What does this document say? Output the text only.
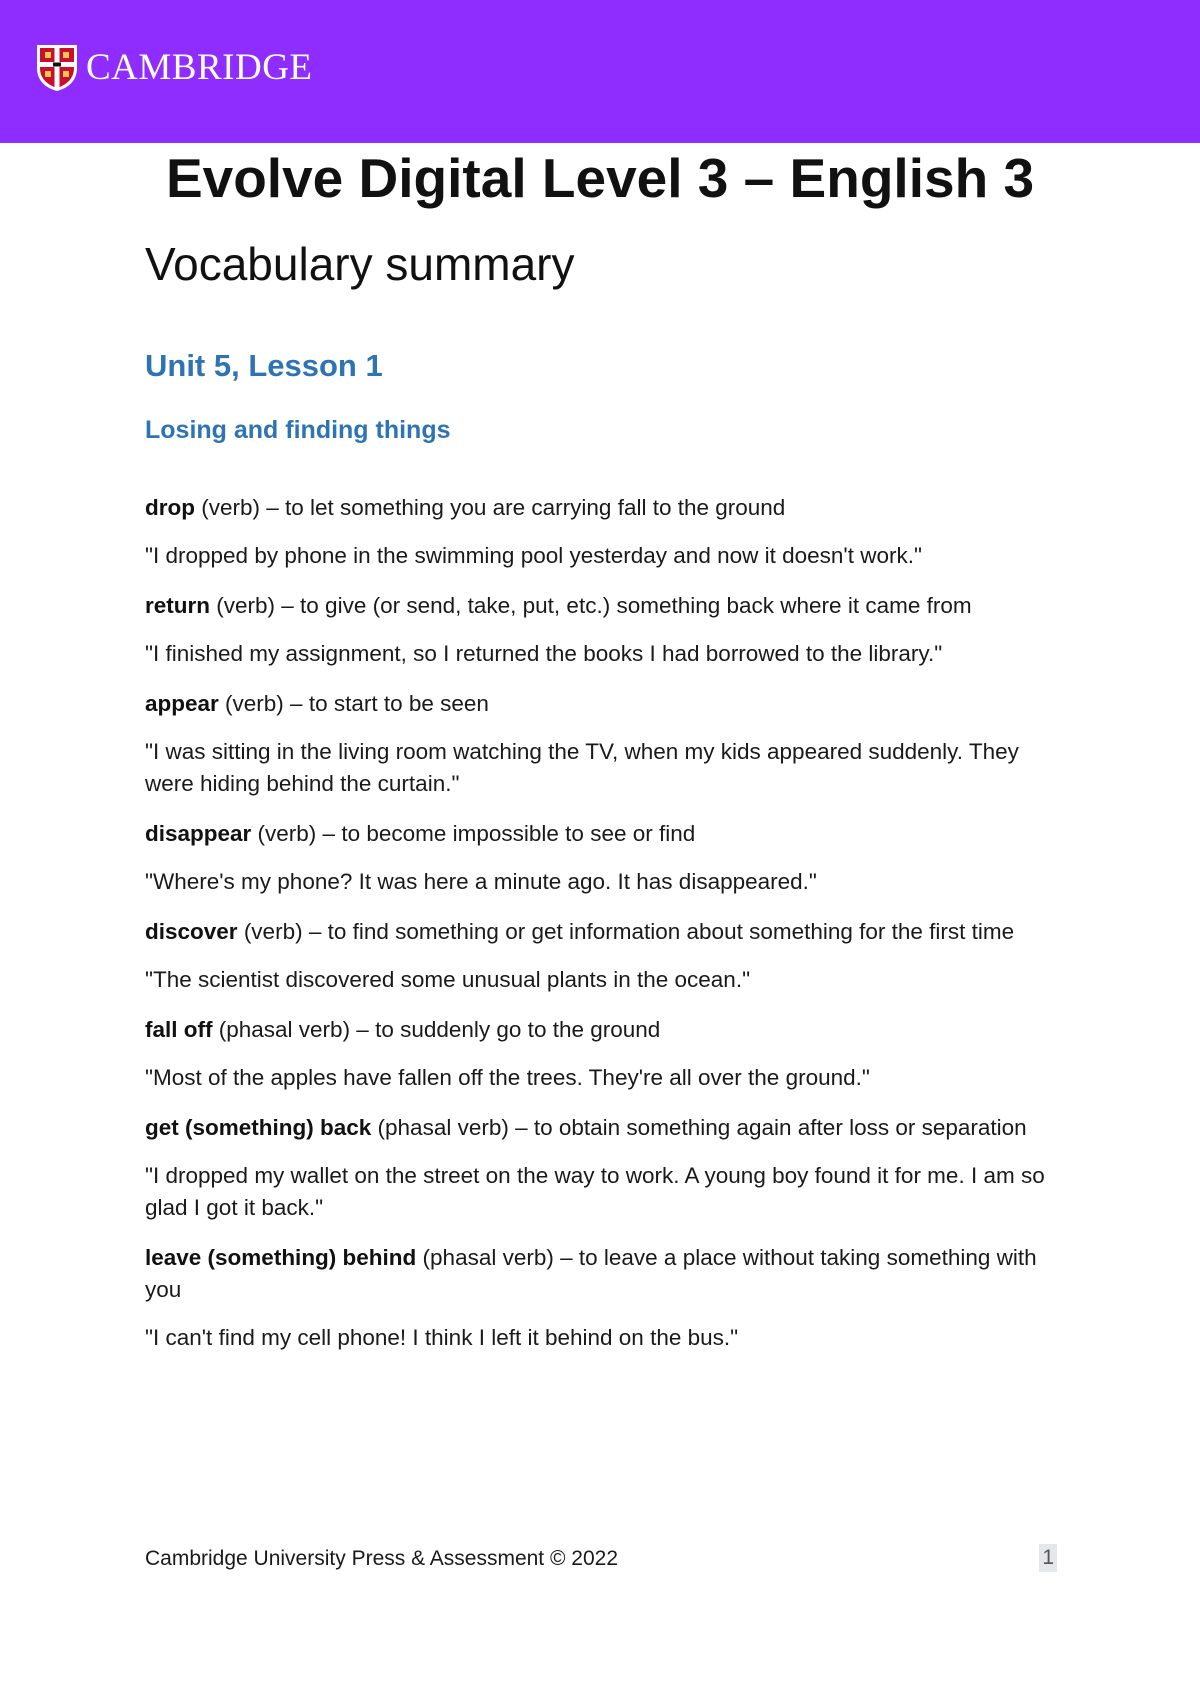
CAMBRIDGE
Evolve Digital Level 3 – English 3
Vocabulary summary
Unit 5, Lesson 1
Losing and finding things

drop (verb) – to let something you are carrying fall to the ground

"I dropped by phone in the swimming pool yesterday and now it doesn't work."

return (verb) – to give (or send, take, put, etc.) something back where it came from

"I finished my assignment, so I returned the books I had borrowed to the library."

appear (verb) – to start to be seen

"I was sitting in the living room watching the TV, when my kids appeared suddenly. They were hiding behind the curtain."

disappear (verb) – to become impossible to see or find

"Where's my phone? It was here a minute ago. It has disappeared."

discover (verb) – to find something or get information about something for the first time

"The scientist discovered some unusual plants in the ocean."

fall off (phasal verb) – to suddenly go to the ground

"Most of the apples have fallen off the trees. They're all over the ground."

get (something) back (phasal verb) – to obtain something again after loss or separation

"I dropped my wallet on the street on the way to work. A young boy found it for me. I am so glad I got it back."

leave (something) behind (phasal verb) – to leave a place without taking something with you

"I can't find my cell phone! I think I left it behind on the bus."

Cambridge University Press & Assessment © 2022	1
